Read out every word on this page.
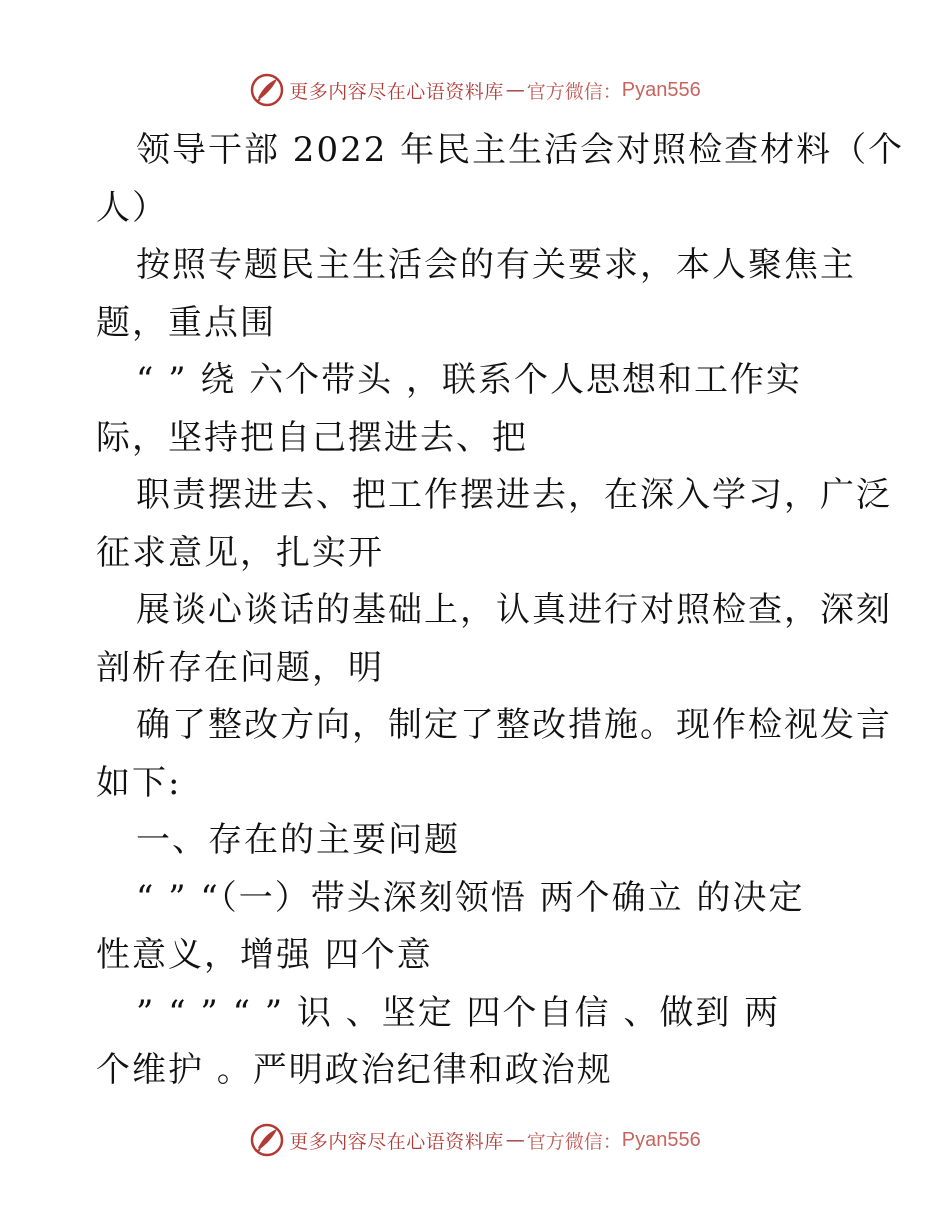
更多内容尽在心语资料库 — 官方微信： Pyan556
领导干部 2022 年民主生活会对照检查材料（个
人）
按照专题民主生活会的有关要求，本人聚焦主
题，重点围
“ ” 绕 六个带头 ，联系个人思想和工作实
际，坚持把自己摆进去、把
职责摆进去、把工作摆进去，在深入学习，广泛
征求意见，扎实开
展谈心谈话的基础上，认真进行对照检查，深刻
剖析存在问题，明
确了整改方向，制定了整改措施。现作检视发言
如下:
一、存在的主要问题
“ ” “（一）带头深刻领悟 两个确立 的决定
性意义，增强 四个意
” “ ” “ ” 识 、坚定 四个自信 、做到 两
个维护 。严明政治纪律和政治规
更多内容尽在心语资料库 — 官方微信： Pyan556
